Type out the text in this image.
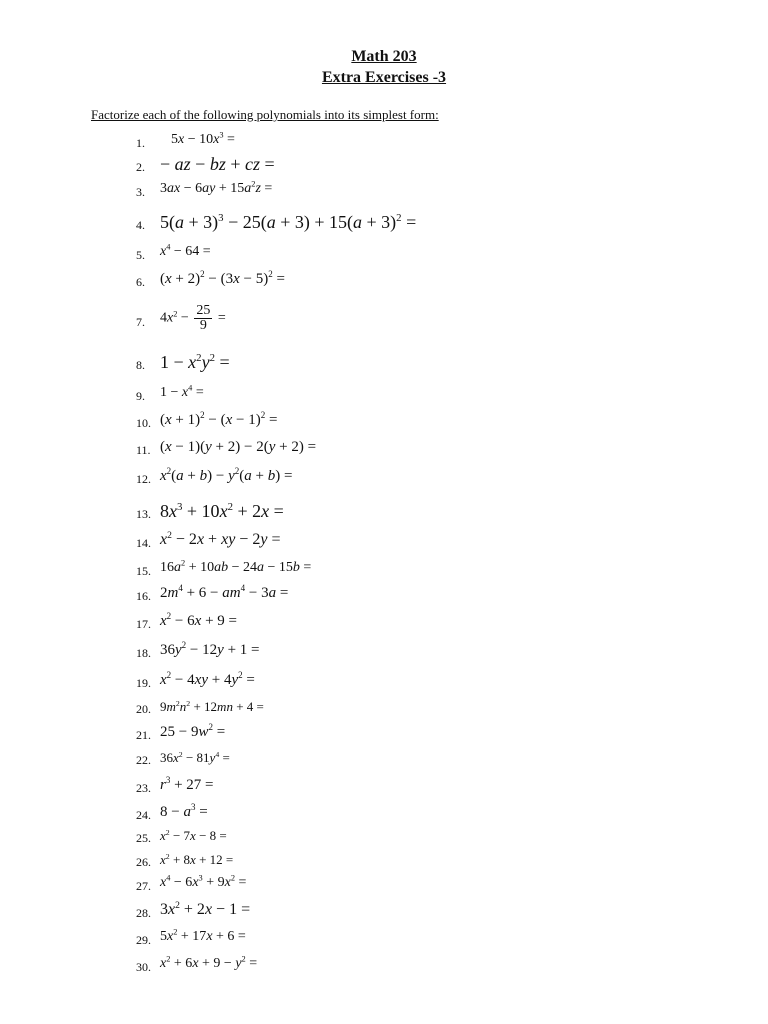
Math 203
Extra Exercises -3
Factorize each of the following polynomials into its simplest form:
1. $5x - 10x^3$ =
2. − az − bz + cz =
3. $3ax - 6ay + 15a^2z$ =
4. $5(a + 3)^3 - 25(a + 3) + 15(a + 3)^2$ =
5. $x^4 - 64$ =
6. $(x + 2)^2 - (3x - 5)^2$ =
7. $4x^2 - \frac{25}{9}$ =
8. $1 - x^2y^2$ =
9. $1 - x^4$ =
10. $(x + 1)^2 - (x - 1)^2$ =
11. (x − 1)(y + 2) − 2(y + 2) =
12. $x^2(a + b) - y^2(a + b)$ =
13. $8x^3 + 10x^2 + 2x$ =
14. $x^2 - 2x$ + xy − 2y =
15. $16a^2 + 10ab - 24a - 15b$ =
16. $2m^4 + 6 - am^4 - 3a$ =
17. $x^2 - 6x + 9$ =
18. $36y^2 - 12y + 1$ =
19. $x^2 - 4xy + 4y^2$ =
20. $9m^2n^2 + 12mn + 4$ =
21. $25 - 9w^2$ =
22. $36x^2 - 81y^4$ =
23. $r^3 + 27$ =
24. $8 - a^3$ =
25. $x^2 - 7x - 8$ =
26. $x^2 + 8x + 12$ =
27. $x^4 - 6x^3 + 9x^2$ =
28. $3x^2 + 2x - 1$ =
29. $5x^2 + 17x + 6$ =
30. $x^2 + 6x + 9 - y^2$ =
